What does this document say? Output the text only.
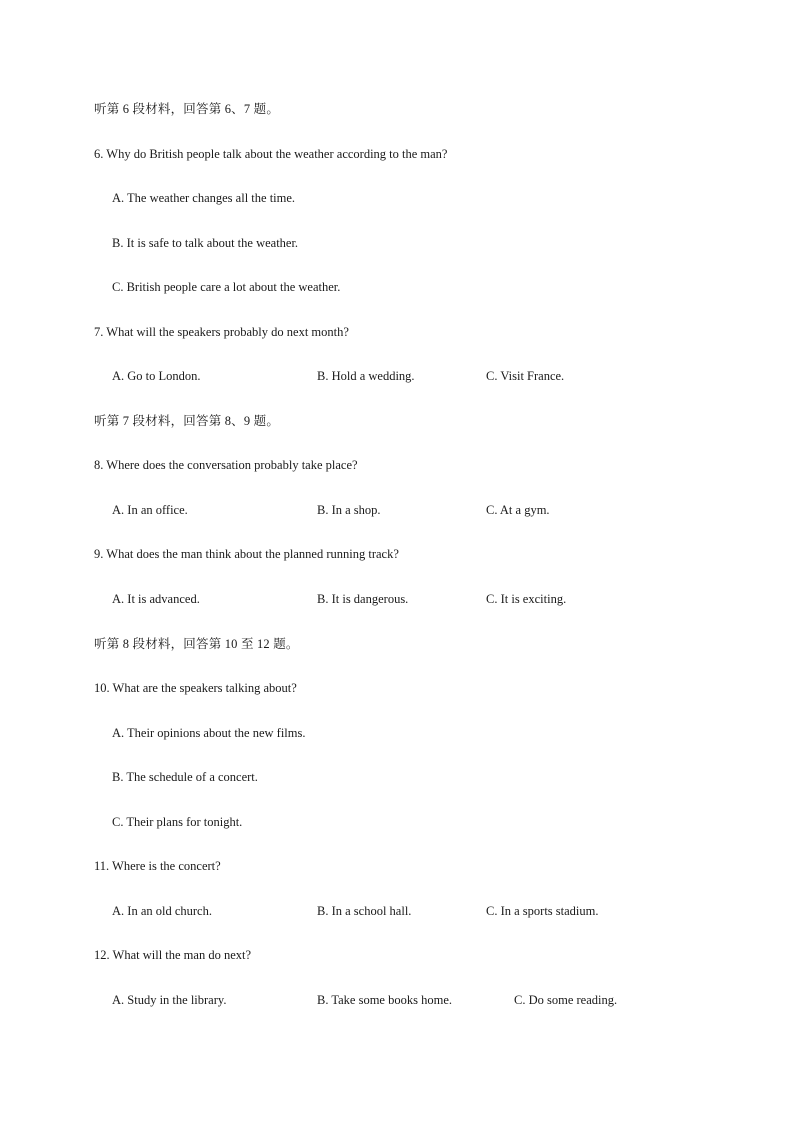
听第 6 段材料，回答第 6、7 题。
6. Why do British people talk about the weather according to the man?
A. The weather changes all the time.
B. It is safe to talk about the weather.
C. British people care a lot about the weather.
7. What will the speakers probably do next month?
A. Go to London.	B. Hold a wedding.	C. Visit France.
听第 7 段材料，回答第 8、9 题。
8. Where does the conversation probably take place?
A. In an office.	B. In a shop.	C. At a gym.
9. What does the man think about the planned running track?
A. It is advanced.	B. It is dangerous.	C. It is exciting.
听第 8 段材料，回答第 10 至 12 题。
10. What are the speakers talking about?
A. Their opinions about the new films.
B. The schedule of a concert.
C. Their plans for tonight.
11. Where is the concert?
A. In an old church.	B. In a school hall.	C. In a sports stadium.
12. What will the man do next?
A. Study in the library.	B. Take some books home.	C. Do some reading.
